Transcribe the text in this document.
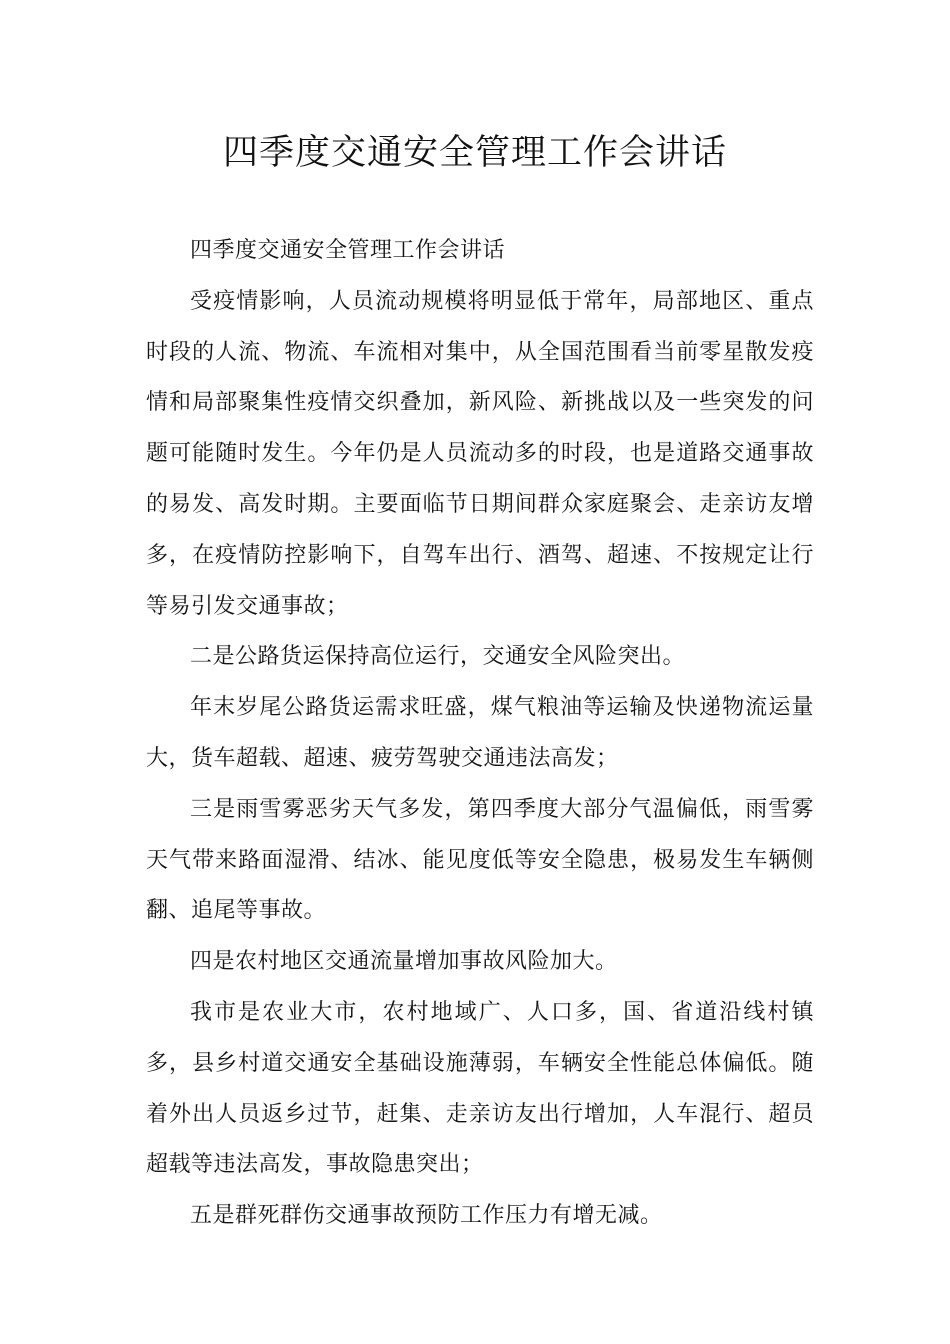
四季度交通安全管理工作会讲话

四季度交通安全管理工作会讲话

受疫情影响，人员流动规模将明显低于常年，局部地区、重点时段的人流、物流、车流相对集中，从全国范围看当前零星散发疫情和局部聚集性疫情交织叠加，新风险、新挑战以及一些突发的问题可能随时发生。今年仍是人员流动多的时段，也是道路交通事故的易发、高发时期。主要面临节日期间群众家庭聚会、走亲访友增多，在疫情防控影响下，自驾车出行、酒驾、超速、不按规定让行等易引发交通事故；

二是公路货运保持高位运行，交通安全风险突出。

年末岁尾公路货运需求旺盛，煤气粮油等运输及快递物流运量大，货车超载、超速、疲劳驾驶交通违法高发；

三是雨雪雾恶劣天气多发，第四季度大部分气温偏低，雨雪雾天气带来路面湿滑、结冰、能见度低等安全隐患，极易发生车辆侧翻、追尾等事故。

四是农村地区交通流量增加事故风险加大。

我市是农业大市，农村地域广、人口多，国、省道沿线村镇多，县乡村道交通安全基础设施薄弱，车辆安全性能总体偏低。随着外出人员返乡过节，赶集、走亲访友出行增加，人车混行、超员超载等违法高发，事故隐患突出；

五是群死群伤交通事故预防工作压力有增无减。
